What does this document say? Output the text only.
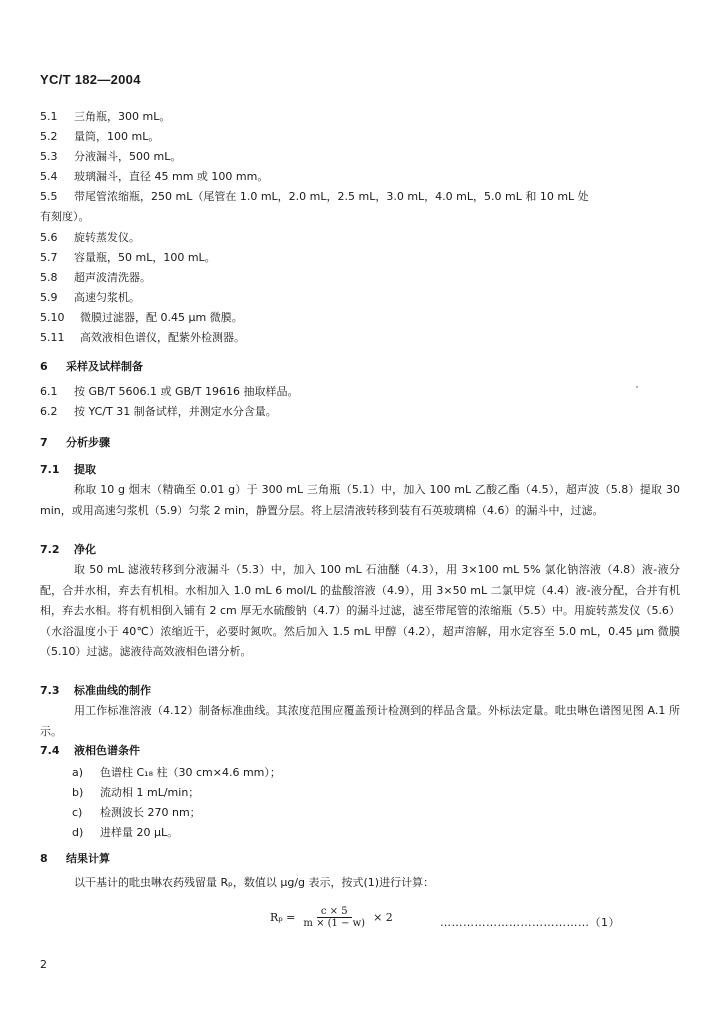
YC/T 182—2004
5.1 三角瓶，300 mL。
5.2 量筒，100 mL。
5.3 分液漏斗，500 mL。
5.4 玻璃漏斗，直径 45 mm 或 100 mm。
5.5 带尾管浓缩瓶，250 mL（尾管在 1.0 mL，2.0 mL，2.5 mL，3.0 mL，4.0 mL，5.0 mL 和 10 mL 处
有刻度）。
5.6 旋转蒸发仪。
5.7 容量瓶，50 mL，100 mL。
5.8 超声波清洗器。
5.9 高速匀浆机。
5.10 微膜过滤器，配 0.45 μm 微膜。
5.11 高效液相色谱仪，配紫外检测器。
6 采样及试样制备
6.1 按 GB/T 5606.1 或 GB/T 19616 抽取样品。
6.2 按 YC/T 31 制备试样，并测定水分含量。
7 分析步骤
7.1 提取
称取 10 g 烟末（精确至 0.01 g）于 300 mL 三角瓶（5.1）中，加入 100 mL 乙酸乙酯（4.5），超声波（5.8）提取 30 min，或用高速匀浆机（5.9）匀浆 2 min，静置分层。将上层清液转移到装有石英玻璃棉（4.6）的漏斗中，过滤。
7.2 净化
取 50 mL 滤液转移到分液漏斗（5.3）中，加入 100 mL 石油醚（4.3），用 3×100 mL 5% 氯化钠溶液（4.8）液-液分配，合并水相，弃去有机相。水相加入 1.0 mL 6 mol/L 的盐酸溶液（4.9），用 3×50 mL 二氯甲烷（4.4）液-液分配，合并有机相，弃去水相。将有机相倒入铺有 2 cm 厚无水硫酸钠（4.7）的漏斗过滤，滤至带尾管的浓缩瓶（5.5）中。用旋转蒸发仪（5.6）（水浴温度小于 40℃）浓缩近干，必要时氮吹。然后加入 1.5 mL 甲醇（4.2），超声溶解，用水定容至 5.0 mL，0.45 μm 微膜（5.10）过滤。滤液待高效液相色谱分析。
7.3 标准曲线的制作
用工作标准溶液（4.12）制备标准曲线。其浓度范围应覆盖预计检测到的样品含量。外标法定量。吡虫啉色谱图见图 A.1 所示。
7.4 液相色谱条件
a) 色谱柱 C₁₈ 柱（30 cm×4.6 mm）；
b) 流动相 1 mL/min；
c) 检测波长 270 nm；
d) 进样量 20 μL。
8 结果计算
以干基计的吡虫啉农药残留量 Rₚ，数值以 μg/g 表示，按式(1)进行计算：
$R_p = \frac{c \times 5}{m \times (1 - w)} \times 2$	…………………………………（1）
2
